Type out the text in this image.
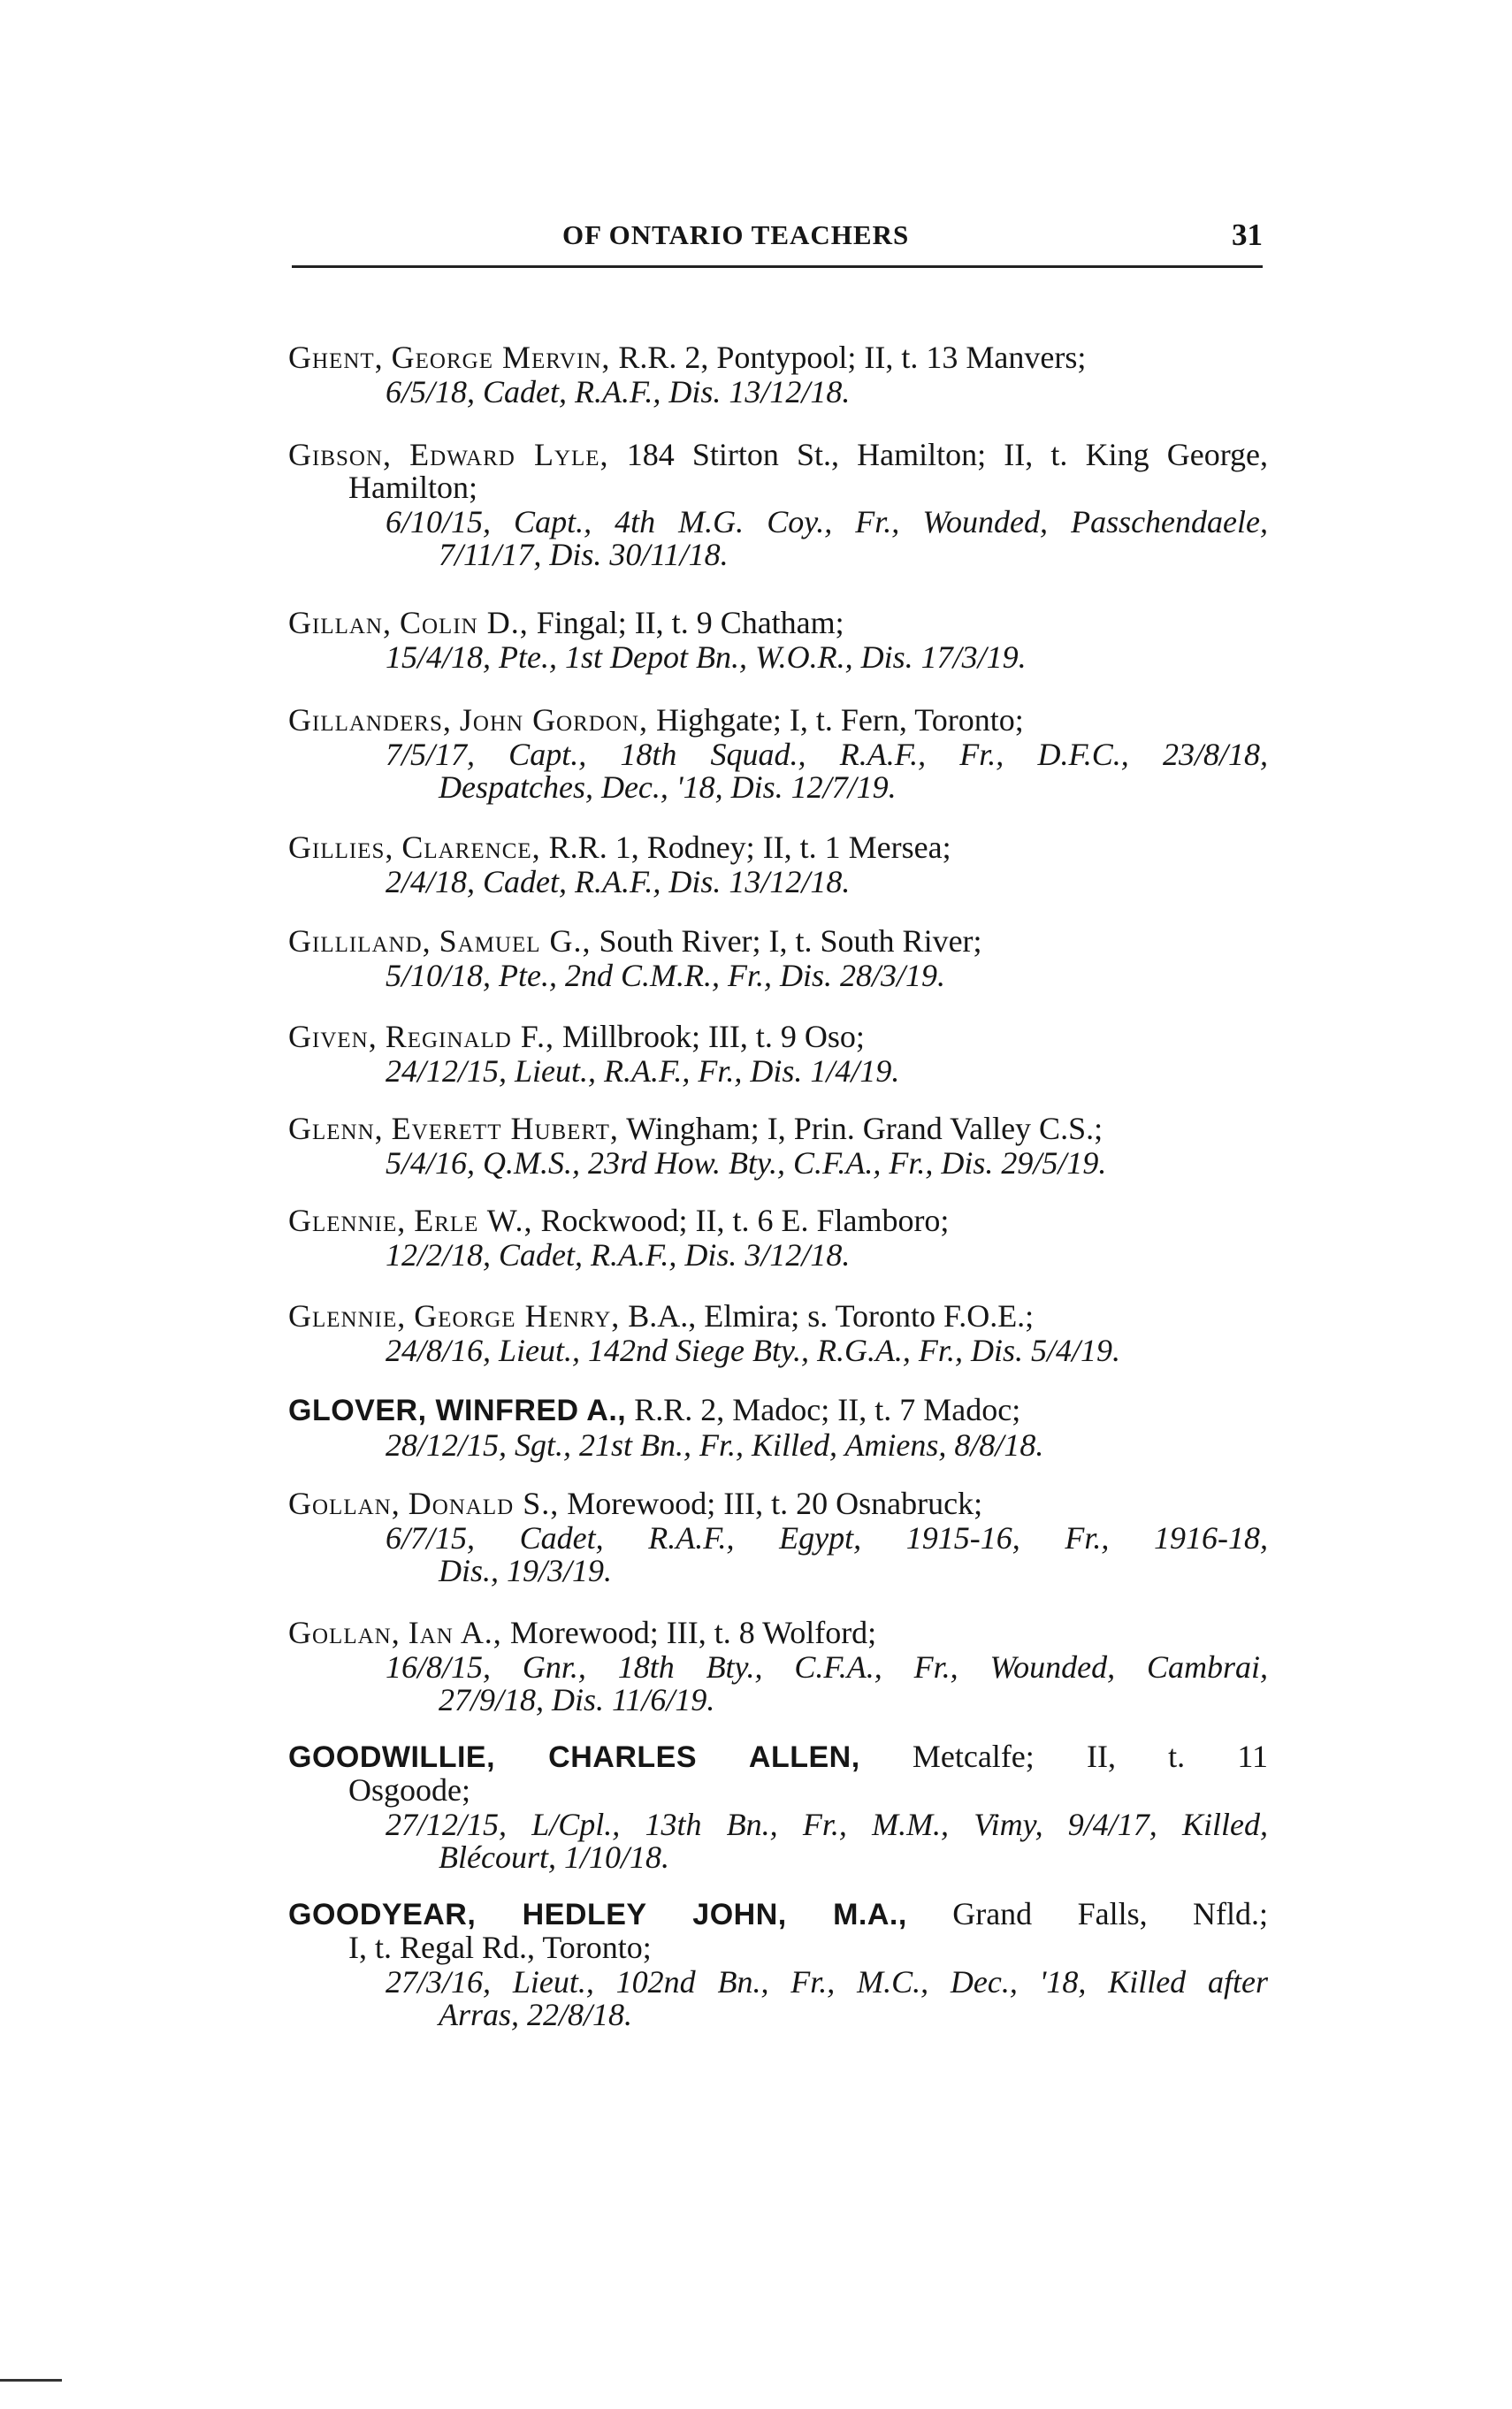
OF ONTARIO TEACHERS	31
Ghent, George Mervin, R.R. 2, Pontypool; II, t. 13 Manvers;
6/5/18, Cadet, R.A.F., Dis. 13/12/18.
Gibson, Edward Lyle, 184 Stirton St., Hamilton; II, t. King George,
Hamilton;
6/10/15, Capt., 4th M.G. Coy., Fr., Wounded, Passchendaele,
7/11/17, Dis. 30/11/18.
Gillan, Colin D., Fingal; II, t. 9 Chatham;
15/4/18, Pte., 1st Depot Bn., W.O.R., Dis. 17/3/19.
Gillanders, John Gordon, Highgate; I, t. Fern, Toronto;
7/5/17, Capt., 18th Squad., R.A.F., Fr., D.F.C., 23/8/18,
Despatches, Dec., '18, Dis. 12/7/19.
Gillies, Clarence, R.R. 1, Rodney; II, t. 1 Mersea;
2/4/18, Cadet, R.A.F., Dis. 13/12/18.
Gilliland, Samuel G., South River; I, t. South River;
5/10/18, Pte., 2nd C.M.R., Fr., Dis. 28/3/19.
Given, Reginald F., Millbrook; III, t. 9 Oso;
24/12/15, Lieut., R.A.F., Fr., Dis. 1/4/19.
Glenn, Everett Hubert, Wingham; I, Prin. Grand Valley C.S.;
5/4/16, Q.M.S., 23rd How. Bty., C.F.A., Fr., Dis. 29/5/19.
Glennie, Erle W., Rockwood; II, t. 6 E. Flamboro;
12/2/18, Cadet, R.A.F., Dis. 3/12/18.
Glennie, George Henry, B.A., Elmira; s. Toronto F.O.E.;
24/8/16, Lieut., 142nd Siege Bty., R.G.A., Fr., Dis. 5/4/19.
GLOVER, WINFRED A., R.R. 2, Madoc; II, t. 7 Madoc;
28/12/15, Sgt., 21st Bn., Fr., Killed, Amiens, 8/8/18.
Gollan, Donald S., Morewood; III, t. 20 Osnabruck;
6/7/15, Cadet, R.A.F., Egypt, 1915-16, Fr., 1916-18,
Dis., 19/3/19.
Gollan, Ian A., Morewood; III, t. 8 Wolford;
16/8/15, Gnr., 18th Bty., C.F.A., Fr., Wounded, Cambrai,
27/9/18, Dis. 11/6/19.
GOODWILLIE, CHARLES ALLEN, Metcalfe; II, t. 11
Osgoode;
27/12/15, L/Cpl., 13th Bn., Fr., M.M., Vimy, 9/4/17, Killed,
Blécourt, 1/10/18.
GOODYEAR, HEDLEY JOHN, M.A., Grand Falls, Nfld.;
I, t. Regal Rd., Toronto;
27/3/16, Lieut., 102nd Bn., Fr., M.C., Dec., '18, Killed after
Arras, 22/8/18.
